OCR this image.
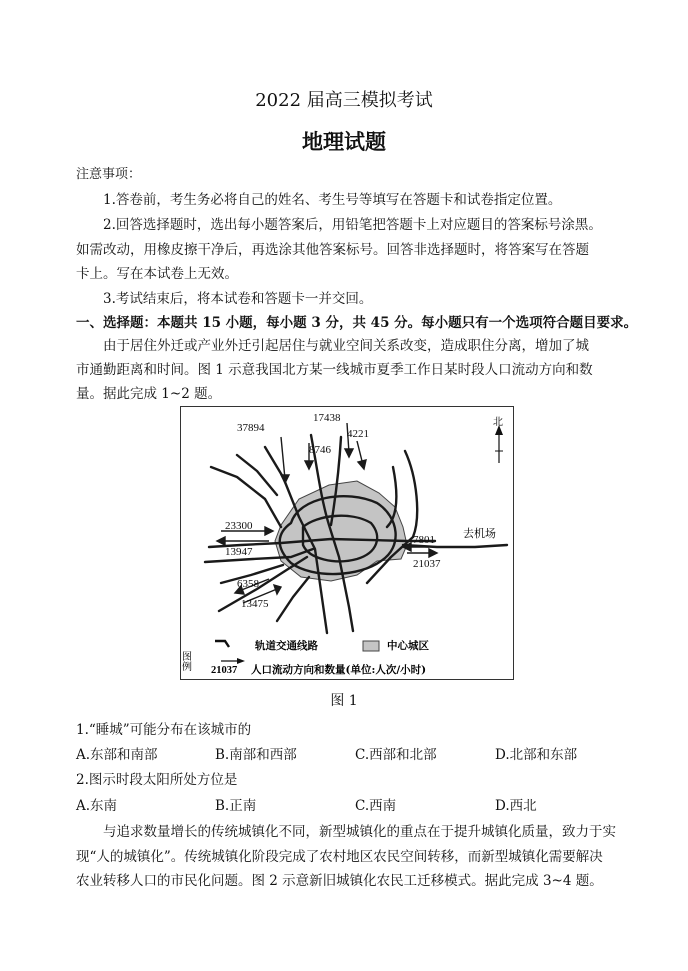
2022 届高三模拟考试
地理试题
注意事项：
1.答卷前，考生务必将自己的姓名、考生号等填写在答题卡和试卷指定位置。
2.回答选择题时，选出每小题答案后，用铅笔把答题卡上对应题目的答案标号涂黑。
如需改动，用橡皮擦干净后，再选涂其他答案标号。回答非选择题时，将答案写在答题
卡上。写在本试卷上无效。
3.考试结束后，将本试卷和答题卡一并交回。
一、选择题：本题共 15 小题，每小题 3 分，共 45 分。每小题只有一个选项符合题目要求。
由于居住外迁或产业外迁引起居住与就业空间关系改变，造成职住分离，增加了城
市通勤距离和时间。图 1 示意我国北方某一线城市夏季工作日某时段人口流动方向和数
量。据此完成 1~2 题。
北
37894
17438
8746
4221
23300
13947
6358
13475
7801
21037
去机场
图例
轨道交通线路	中心城区
21037 人口流动方向和数量(单位:人次/小时)
图 1
1.“睡城”可能分布在该城市的
A.东部和南部	B.南部和西部	C.西部和北部	D.北部和东部
2.图示时段太阳所处方位是
A.东南	B.正南	C.西南	D.西北
与追求数量增长的传统城镇化不同，新型城镇化的重点在于提升城镇化质量，致力于实
现“人的城镇化”。传统城镇化阶段完成了农村地区农民空间转移，而新型城镇化需要解决
农业转移人口的市民化问题。图 2 示意新旧城镇化农民工迁移模式。据此完成 3~4 题。
